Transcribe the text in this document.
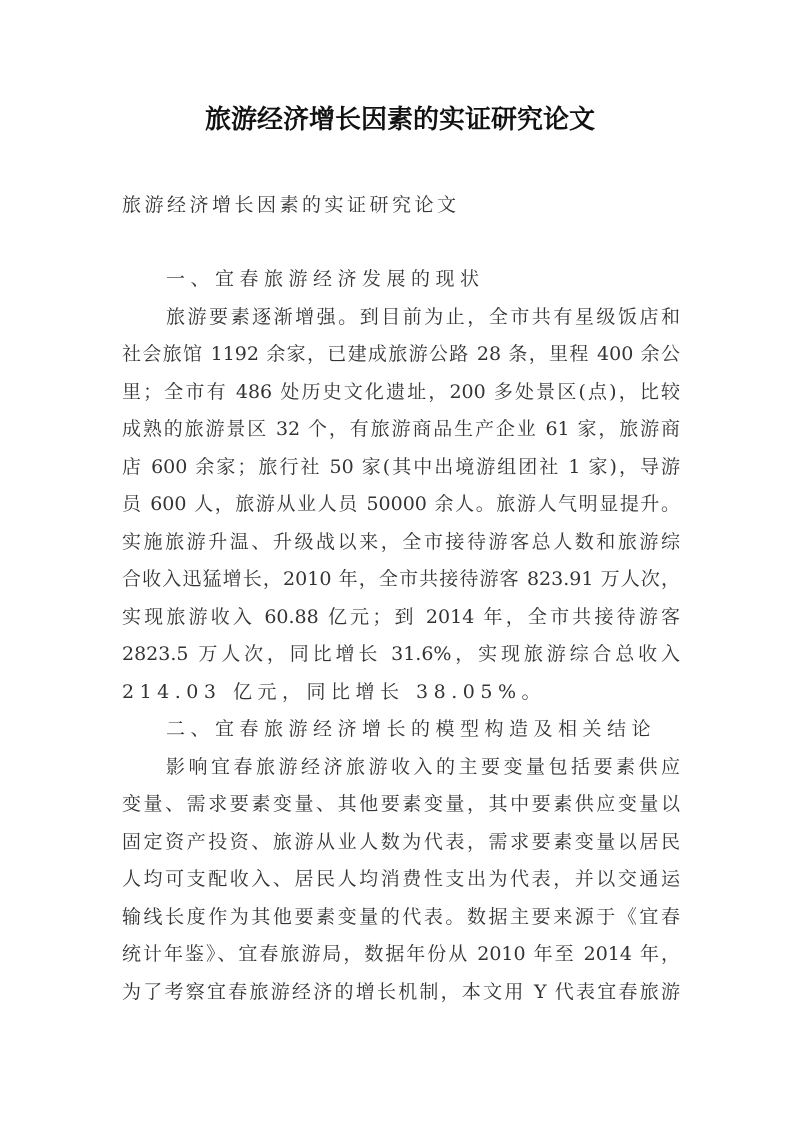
旅游经济增长因素的实证研究论文
旅游经济增长因素的实证研究论文
一、宜春旅游经济发展的现状
旅游要素逐渐增强。到目前为止，全市共有星级饭店和
社会旅馆 1192 余家，已建成旅游公路 28 条，里程 400 余公
里；全市有 486 处历史文化遗址，200 多处景区(点)，比较
成熟的旅游景区 32 个，有旅游商品生产企业 61 家，旅游商
店 600 余家；旅行社 50 家(其中出境游组团社 1 家)，导游
员 600 人，旅游从业人员 50000 余人。旅游人气明显提升。
实施旅游升温、升级战以来，全市接待游客总人数和旅游综
合收入迅猛增长，2010 年，全市共接待游客 823.91 万人次，
实现旅游收入 60.88 亿元；到 2014 年，全市共接待游客
2823.5 万人次，同比增长 31.6%，实现旅游综合总收入
214.03 亿元，同比增长 38.05%。
二、宜春旅游经济增长的模型构造及相关结论
影响宜春旅游经济旅游收入的主要变量包括要素供应
变量、需求要素变量、其他要素变量，其中要素供应变量以
固定资产投资、旅游从业人数为代表，需求要素变量以居民
人均可支配收入、居民人均消费性支出为代表，并以交通运
输线长度作为其他要素变量的代表。数据主要来源于《宜春
统计年鉴》、宜春旅游局，数据年份从 2010 年至 2014 年，
为了考察宜春旅游经济的增长机制，本文用 Y 代表宜春旅游
